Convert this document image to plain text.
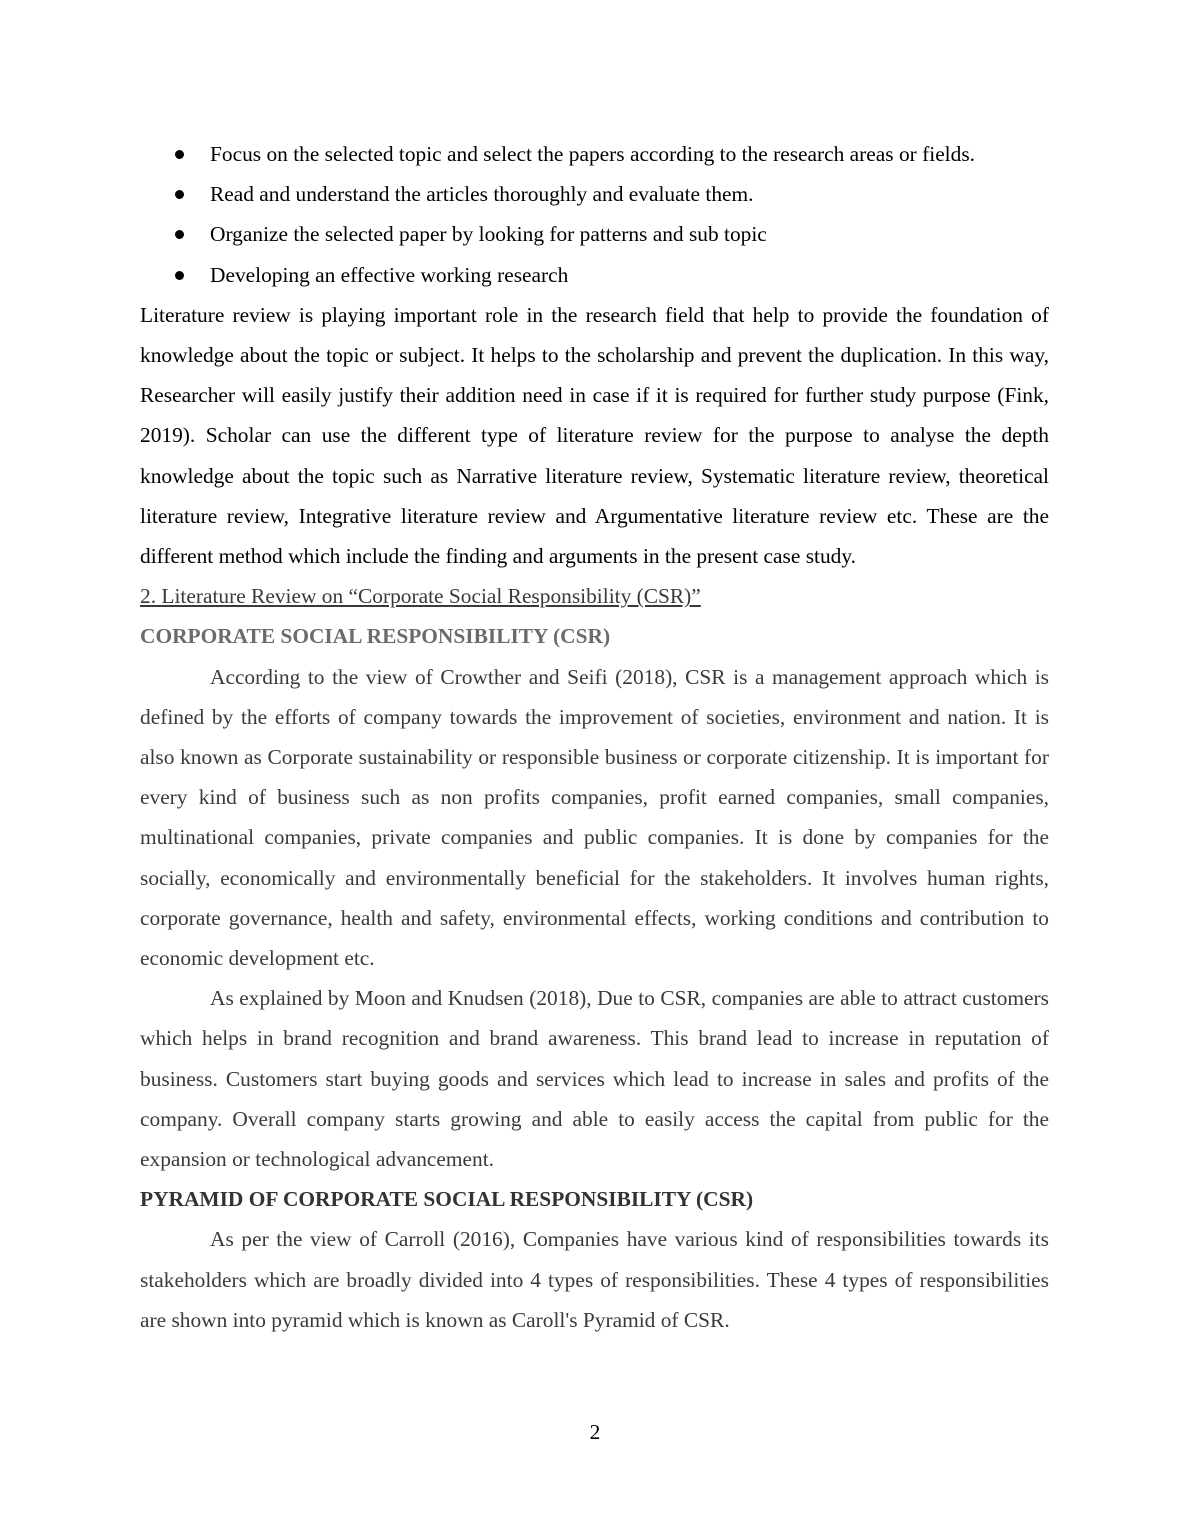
Focus on the selected topic and select the papers according to the research areas or fields.
Read and understand the articles thoroughly and evaluate them.
Organize the selected paper by looking for patterns and sub topic
Developing an effective working research

Literature review is playing important role in the research field that help to provide the foundation of knowledge about the topic or subject. It helps to the scholarship and prevent the duplication. In this way, Researcher will easily justify their addition need in case if it is required for further study purpose (Fink, 2019). Scholar can use the different type of literature review for the purpose to analyse the depth knowledge about the topic such as Narrative literature review, Systematic literature review, theoretical literature review, Integrative literature review and Argumentative literature review etc. These are the different method which include the finding and arguments in the present case study.

2. Literature Review on “Corporate Social Responsibility (CSR)”
CORPORATE SOCIAL RESPONSIBILITY (CSR)

According to the view of Crowther and Seifi (2018), CSR is a management approach which is defined by the efforts of company towards the improvement of societies, environment and nation. It is also known as Corporate sustainability or responsible business or corporate citizenship. It is important for every kind of business such as non profits companies, profit earned companies, small companies, multinational companies, private companies and public companies. It is done by companies for the socially, economically and environmentally beneficial for the stakeholders. It involves human rights, corporate governance, health and safety, environmental effects, working conditions and contribution to economic development etc.

As explained by Moon and Knudsen (2018), Due to CSR, companies are able to attract customers which helps in brand recognition and brand awareness. This brand lead to increase in reputation of business. Customers start buying goods and services which lead to increase in sales and profits of the company. Overall company starts growing and able to easily access the capital from public for the expansion or technological advancement.

PYRAMID OF CORPORATE SOCIAL RESPONSIBILITY (CSR)

As per the view of Carroll (2016), Companies have various kind of responsibilities towards its stakeholders which are broadly divided into 4 types of responsibilities. These 4 types of responsibilities are shown into pyramid which is known as Caroll's Pyramid of CSR.

2
